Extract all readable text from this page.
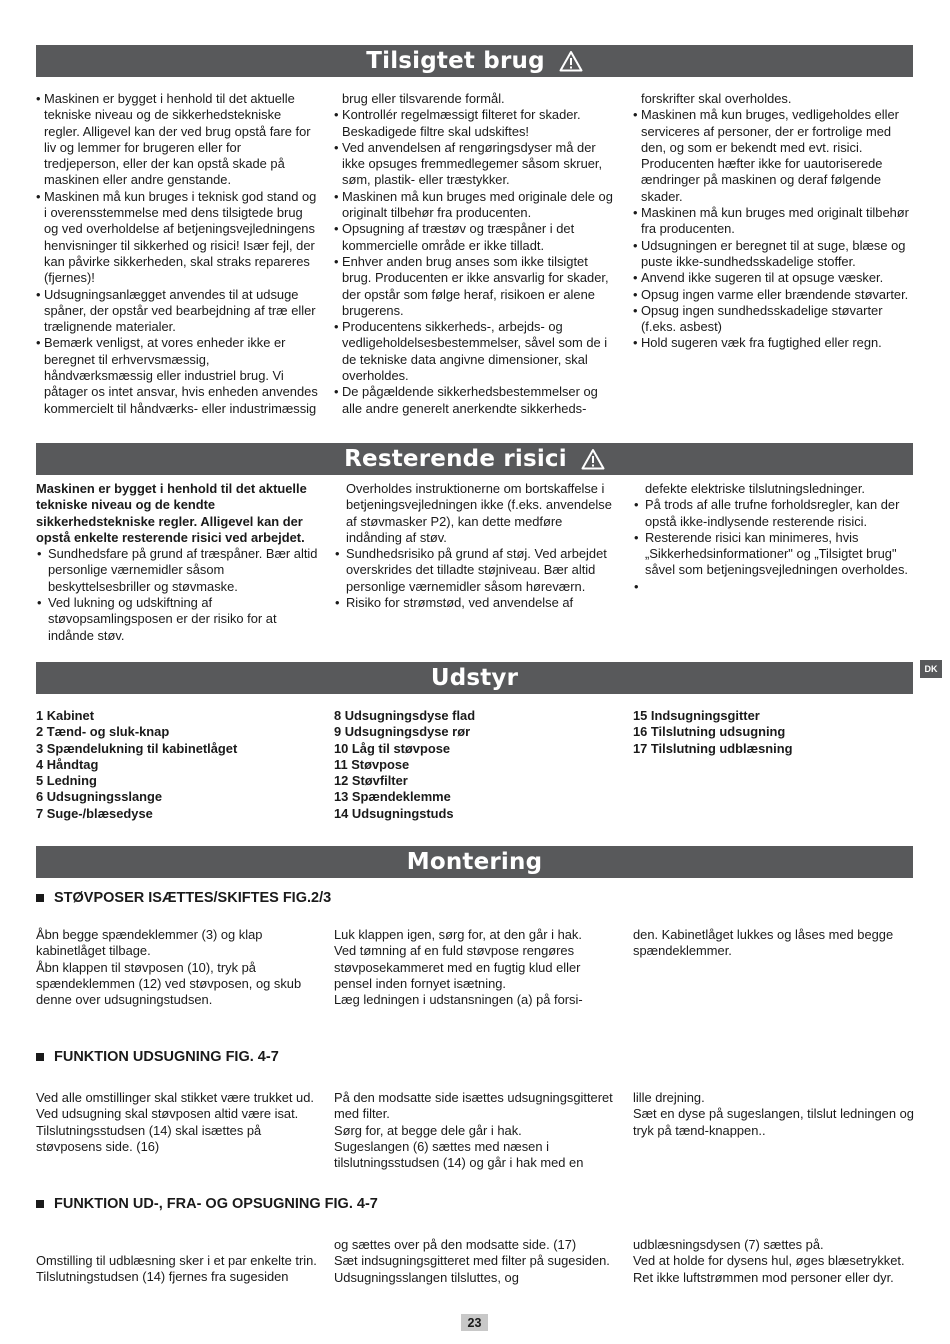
Tilsigtet brug
• Maskinen er bygget i henhold til det aktuelle tekniske niveau og de sikkerhedstekniske regler. Alligevel kan der ved brug opstå fare for liv og lemmer for brugeren eller for tredjeperson, eller der kan opstå skade på maskinen eller andre genstande.
• Maskinen må kun bruges i teknisk god stand og i overensstemmelse med dens tilsigtede brug og ved overholdelse af betjeningsvejledningens henvisninger til sikkerhed og risici! Især fejl, der kan påvirke sikkerheden, skal straks repareres (fjernes)!
• Udsugningsanlægget anvendes til at udsuge spåner, der opstår ved bearbejdning af træ eller trælignende materialer.
• Bemærk venligst, at vores enheder ikke er beregnet til erhvervsmæssig, håndværksmæssig eller industriel brug. Vi påtager os intet ansvar, hvis enheden anvendes kommercielt til håndværks- eller industrimæssig

brug eller tilsvarende formål.

• Kontrollér regelmæssigt filteret for skader. Beskadigede filtre skal udskiftes!
• Ved anvendelsen af rengøringsdyser må der ikke opsuges fremmedlegemer såsom skruer, søm, plastik- eller træstykker.
• Maskinen må kun bruges med originale dele og originalt tilbehør fra producenten.
• Opsugning af træstøv og træspåner i det kommercielle område er ikke tilladt.
• Enhver anden brug anses som ikke tilsigtet brug. Producenten er ikke ansvarlig for skader, der opstår som følge heraf, risikoen er alene brugerens.
• Producentens sikkerheds-, arbejds- og vedligeholdelsesbestemmelser, såvel som de i de tekniske data angivne dimensioner, skal overholdes.
• De pågældende sikkerhedsbestemmelser og alle andre generelt anerkendte sikkerheds-

forskrifter skal overholdes.

• Maskinen må kun bruges, vedligeholdes eller serviceres af personer, der er fortrolige med den, og som er bekendt med evt. risici. Producenten hæfter ikke for uautoriserede ændringer på maskinen og deraf følgende skader.
• Maskinen må kun bruges med originalt tilbehør fra producenten.
• Udsugningen er beregnet til at suge, blæse og puste ikke-sundhedsskadelige stoffer.
• Anvend ikke sugeren til at opsuge væsker.
• Opsug ingen varme eller brændende støvarter.
• Opsug ingen sundhedsskadelige støvarter (f.eks. asbest)
• Hold sugeren væk fra fugtighed eller regn.
Resterende risici

Maskinen er bygget i henhold til det aktuelle tekniske niveau og de kendte sikkerhedstekniske regler. Alligevel kan der opstå enkelte resterende risici ved arbejdet.

• Sundhedsfare på grund af træspåner. Bær altid personlige værnemidler såsom beskyttelsesbriller og støvmaske.
• Ved lukning og udskiftning af støvopsamlingsposen er der risiko for at indånde støv.

Overholdes instruktionerne om bortskaffelse i betjeningsvejledningen ikke (f.eks. anvendelse af støvmasker P2), kan dette medføre indånding af støv.

• Sundhedsrisiko på grund af støj. Ved arbejdet overskrides det tilladte støjniveau. Bær altid personlige værnemidler såsom høreværn.
• Risiko for strømstød, ved anvendelse af

defekte elektriske tilslutningsledninger.

• På trods af alle trufne forholdsregler, kan der opstå ikke-indlysende resterende risici.
• Resterende risici kan minimeres, hvis „Sikkerhedsinformationer" og „Tilsigtet brug" såvel som betjeningsvejledningen overholdes.
•
Udstyr	DK
1 Kabinet
2 Tænd- og sluk-knap
3 Spændelukning til kabinetlåget
4 Håndtag
5 Ledning
6 Udsugningsslange
7 Suge-/blæsedyse
8 Udsugningsdyse flad
9 Udsugningsdyse rør
10 Låg til støvpose
11 Støvpose
12 Støvfilter
13 Spændeklemme
14 Udsugningstuds
15 Indsugningsgitter
16 Tilslutning udsugning
17 Tilslutning udblæsning
Montering
STØVPOSER ISÆTTES/SKIFTES FIG.2/3
Åbn begge spændeklemmer (3) og klap kabinetlåget tilbage.
Åbn klappen til støvposen (10), tryk på spændeklemmen (12) ved støvposen, og skub denne over udsugningstudsen.
Luk klappen igen, sørg for, at den går i hak. Ved tømning af en fuld støvpose rengøres støvposekammeret med en fugtig klud eller pensel inden fornyet isætning.
Læg ledningen i udstansningen (a) på forsi-
den. Kabinetlåget lukkes og låses med begge spændeklemmer.
FUNKTION UDSUGNING FIG. 4-7
Ved alle omstillinger skal stikket være trukket ud.
Ved udsugning skal støvposen altid være isat. Tilslutningsstudsen (14) skal isættes på støvposens side. (16)
På den modsatte side isættes udsugningsgitteret med filter.
Sørg for, at begge dele går i hak.
Sugeslangen (6) sættes med næsen i tilslutningsstudsen (14) og går i hak med en
lille drejning.
Sæt en dyse på sugeslangen, tilslut ledningen og tryk på tænd-knappen..
FUNKTION UD-, FRA- OG OPSUGNING FIG. 4-7
Omstilling til udblæsning sker i et par enkelte trin.
Tilslutningstudsen (14) fjernes fra sugesiden
og sættes over på den modsatte side. (17)
Sæt indsugningsgitteret med filter på sugesiden.
Udsugningsslangen tilsluttes, og
udblæsningsdysen (7) sættes på.
Ved at holde for dysens hul, øges blæsetrykket.
Ret ikke luftstrømmen mod personer eller dyr.
23
